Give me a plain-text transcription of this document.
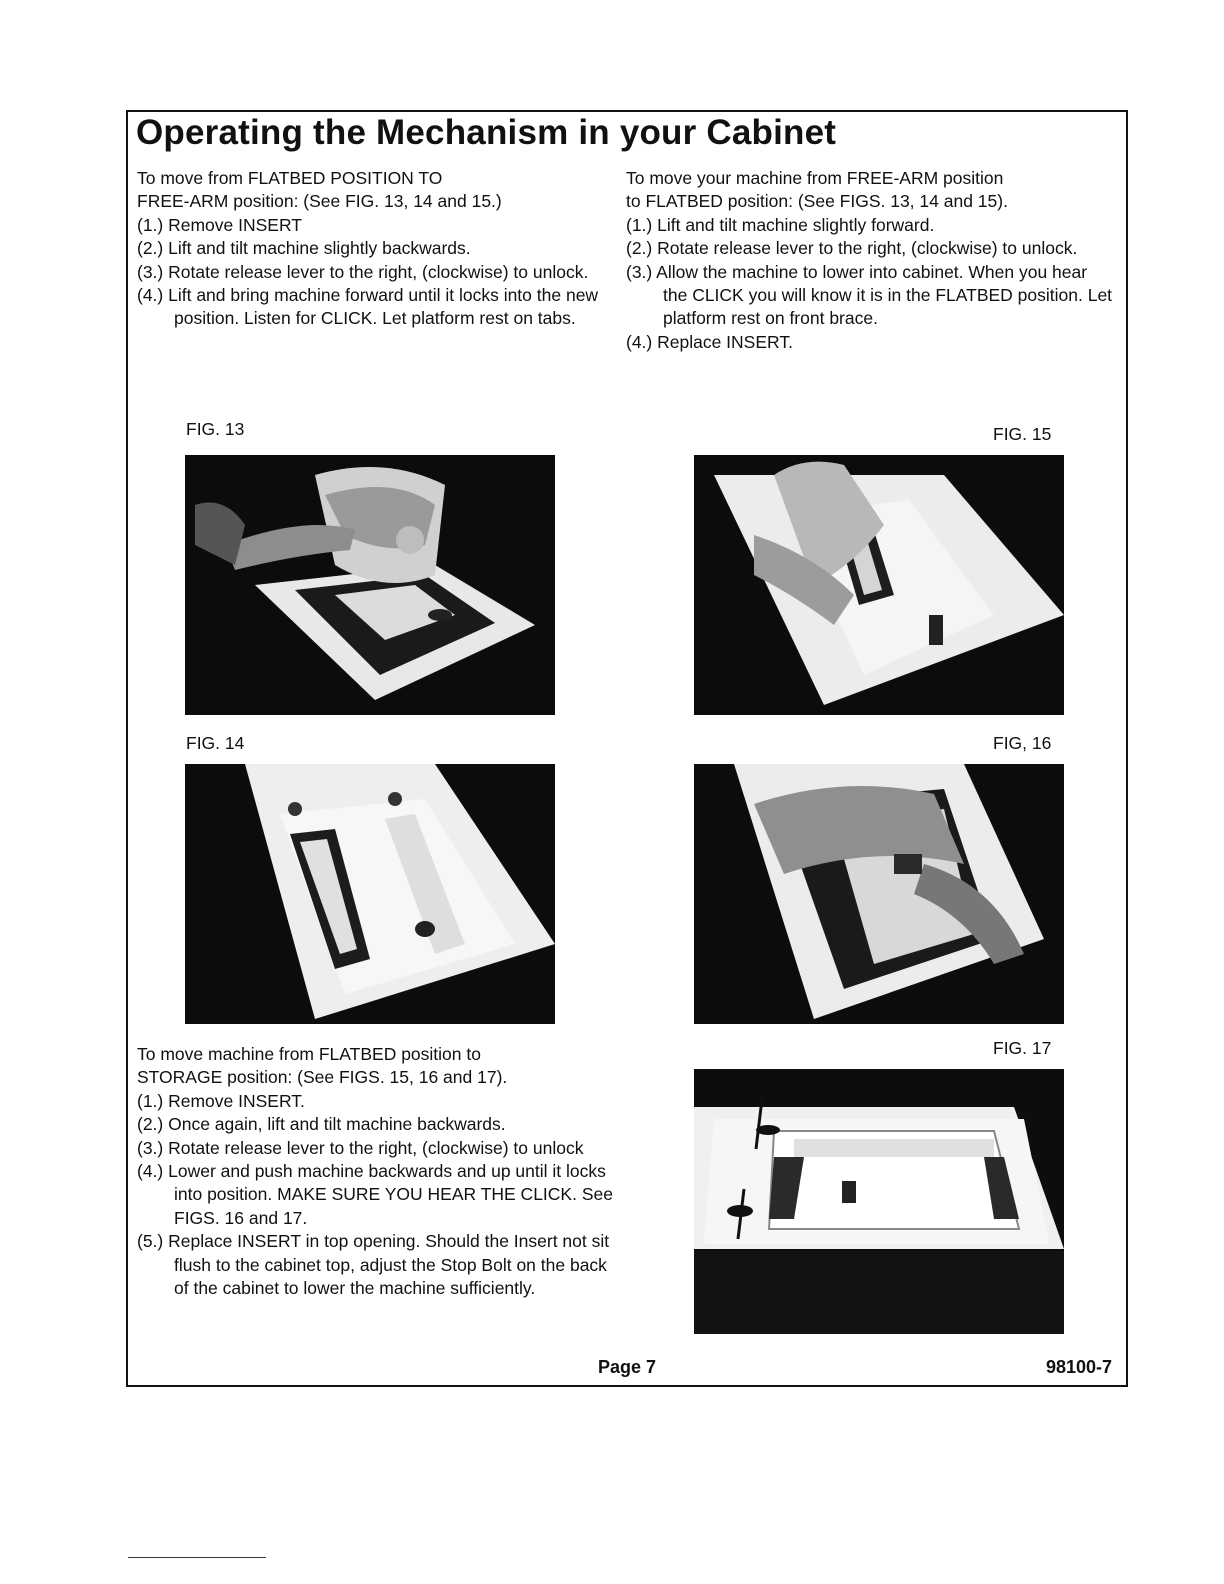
Operating the Mechanism in your Cabinet

To move from FLATBED POSITION TO

FREE-ARM position: (See FIG. 13, 14 and 15.)

(1.) Remove INSERT

(2.) Lift and tilt machine slightly backwards.

(3.) Rotate release lever to the right, (clockwise) to unlock.

(4.) Lift and bring machine forward until it locks into the new position. Listen for CLICK. Let platform rest on tabs.

To move your machine from FREE-ARM position

to FLATBED position: (See FIGS. 13, 14 and 15).

(1.) Lift and tilt machine slightly forward.

(2.) Rotate release lever to the right, (clockwise) to unlock.

(3.) Allow the machine to lower into cabinet. When you hear the CLICK you will know it is in the FLATBED position. Let platform rest on front brace.

(4.) Replace INSERT.

FIG. 13	FIG. 15
FIG. 14	FIG, 16
FIG. 17

To move machine from FLATBED position to

STORAGE position: (See FIGS. 15, 16 and 17).

(1.) Remove INSERT.

(2.) Once again, lift and tilt machine backwards.

(3.) Rotate release lever to the right, (clockwise) to unlock

(4.) Lower and push machine backwards and up until it locks into position. MAKE SURE YOU HEAR THE CLICK. See FIGS. 16 and 17.

(5.) Replace INSERT in top opening. Should the Insert not sit flush to the cabinet top, adjust the Stop Bolt on the back of the cabinet to lower the machine sufficiently.

Page 7	98100-7
